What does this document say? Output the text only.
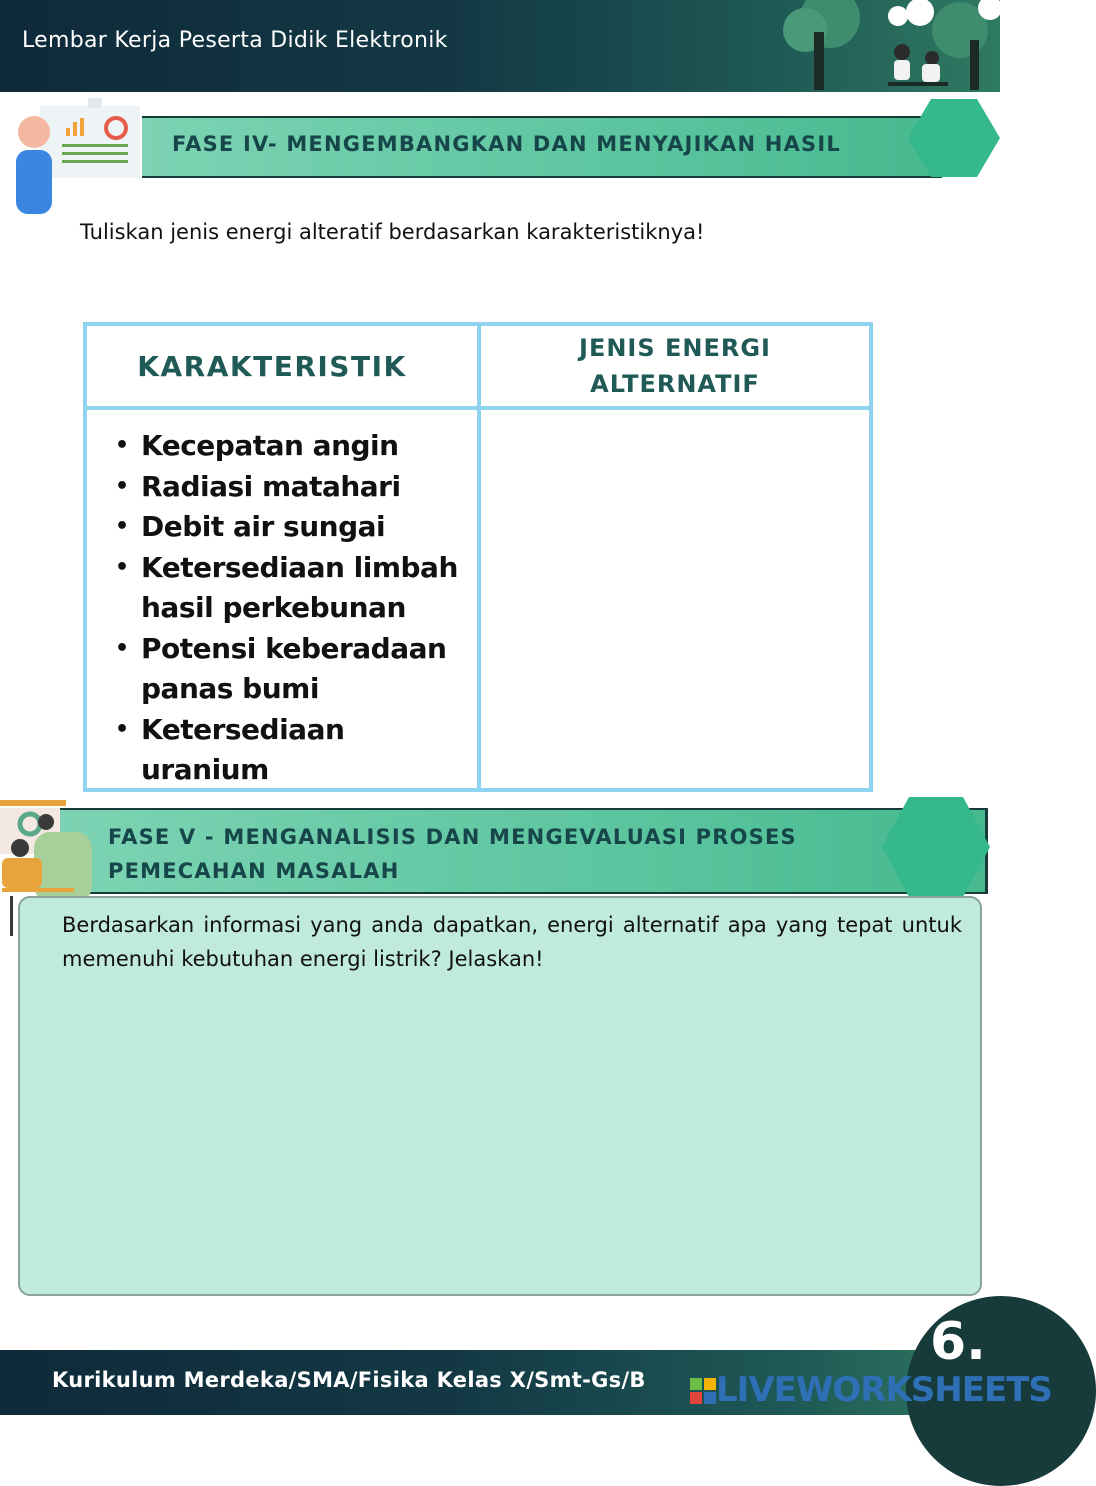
Lembar Kerja Peserta Didik Elektronik
FASE IV- MENGEMBANGKAN DAN MENYAJIKAN HASIL
Tuliskan jenis energi alteratif berdasarkan karakteristiknya!
KARAKTERISTIK
JENIS ENERGI ALTERNATIF
• Kecepatan angin
• Radiasi matahari
• Debit air sungai
• Ketersediaan limbah hasil perkebunan
• Potensi keberadaan panas bumi
• Ketersediaan uranium
FASE V - MENGANALISIS DAN MENGEVALUASI PROSES PEMECAHAN MASALAH
Berdasarkan informasi yang anda dapatkan, energi alternatif apa yang tepat untuk memenuhi kebutuhan energi listrik? Jelaskan!
Kurikulum Merdeka/SMA/Fisika Kelas X/Smt-Gs/B
6.
LIVEWORKSHEETS
